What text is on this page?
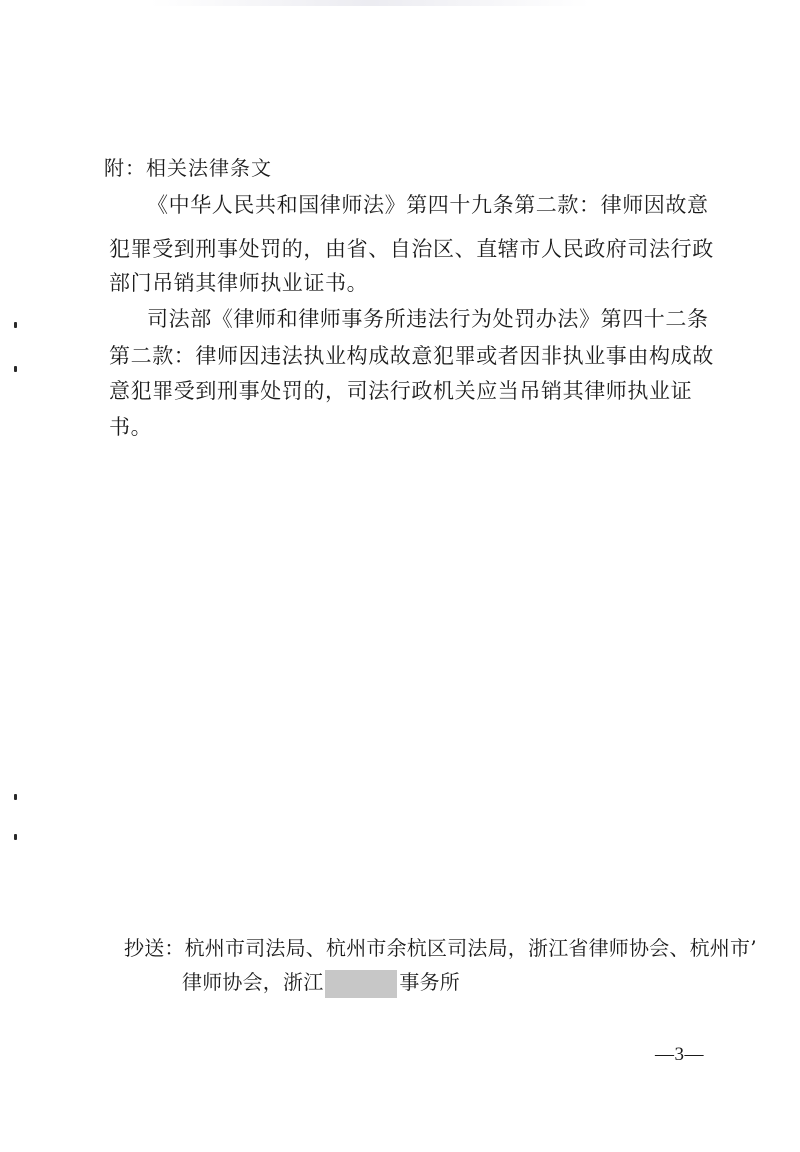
附：相关法律条文
《中华人民共和国律师法》第四十九条第二款：律师因故意
犯罪受到刑事处罚的，由省、自治区、直辖市人民政府司法行政
部门吊销其律师执业证书。
司法部《律师和律师事务所违法行为处罚办法》第四十二条
第二款：律师因违法执业构成故意犯罪或者因非执业事由构成故
意犯罪受到刑事处罚的，司法行政机关应当吊销其律师执业证
书。
抄送：杭州市司法局、杭州市余杭区司法局，浙江省律师协会、杭州市’
律师协会，浙江	事务所
—3—
